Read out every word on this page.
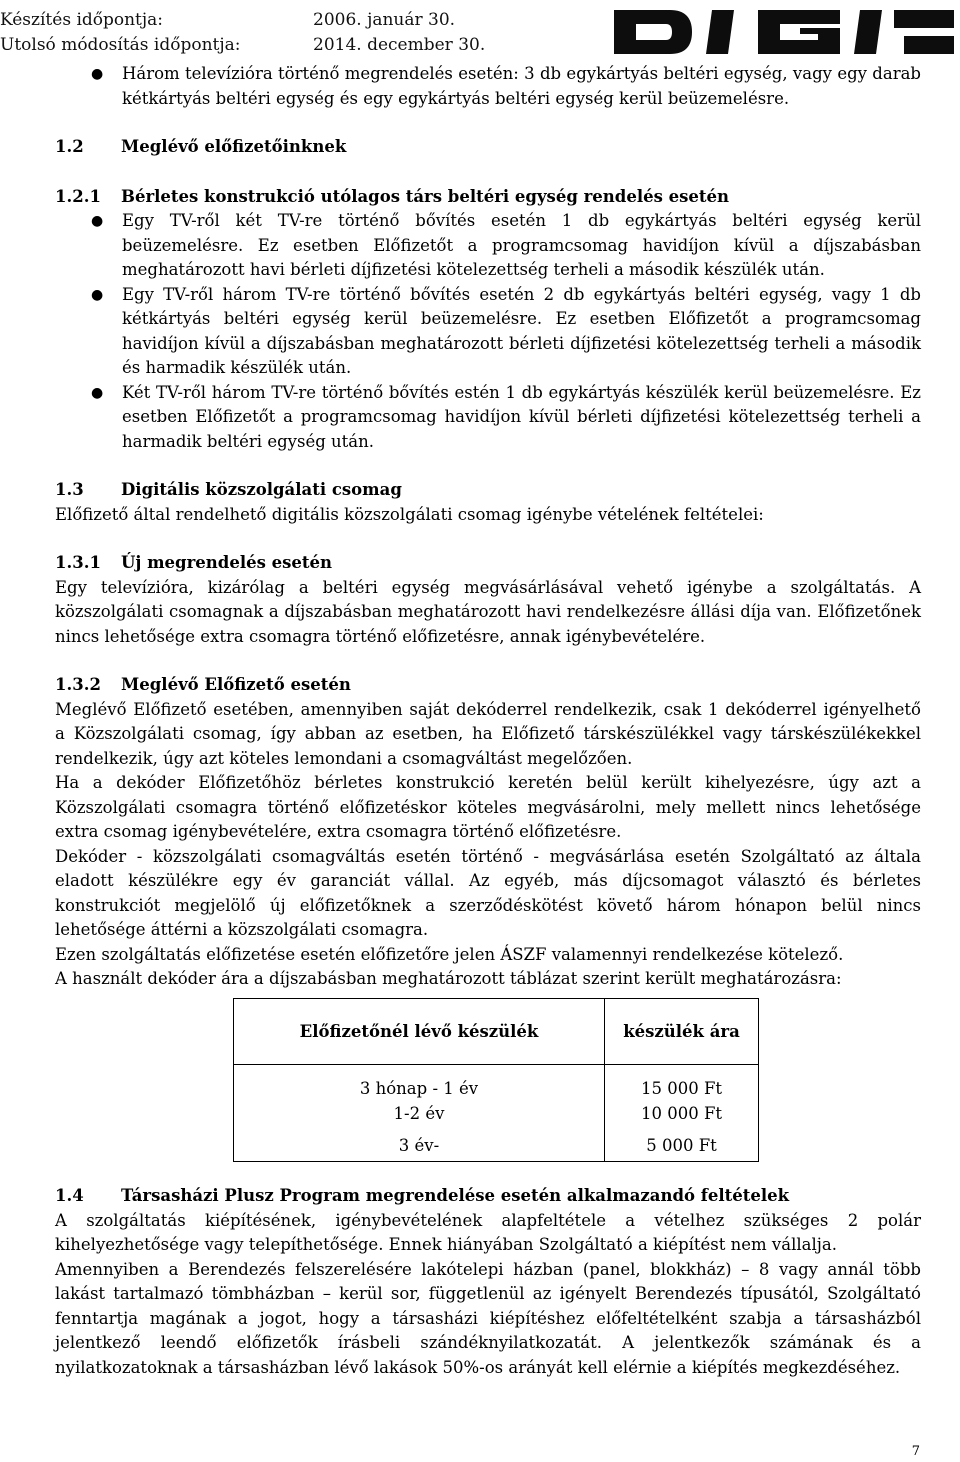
Készítés időpontja:	2006. január 30.
Utolsó módosítás időpontja:	2014. december 30.
● Három televízióra történő megrendelés esetén: 3 db egykártyás beltéri egység, vagy egy darab kétkártyás beltéri egység és egy egykártyás beltéri egység kerül beüzemelésre.
1.2	Meglévő előfizetőinknek
1.2.1	Bérletes konstrukció utólagos társ beltéri egység rendelés esetén
● Egy TV-ről két TV-re történő bővítés esetén 1 db egykártyás beltéri egység kerül beüzemelésre. Ez esetben Előfizetőt a programcsomag havidíjon kívül a díjszabásban meghatározott havi bérleti díjfizetési kötelezettség terheli a második készülék után.
● Egy TV-ről három TV-re történő bővítés esetén 2 db egykártyás beltéri egység, vagy 1 db kétkártyás beltéri egység kerül beüzemelésre. Ez esetben Előfizetőt a programcsomag havidíjon kívül a díjszabásban meghatározott bérleti díjfizetési kötelezettség terheli a második és harmadik készülék után.
● Két TV-ről három TV-re történő bővítés estén 1 db egykártyás készülék kerül beüzemelésre. Ez esetben Előfizetőt a programcsomag havidíjon kívül bérleti díjfizetési kötelezettség terheli a harmadik beltéri egység után.
1.3	Digitális közszolgálati csomag
Előfizető által rendelhető digitális közszolgálati csomag igénybe vételének feltételei:
1.3.1	Új megrendelés esetén
Egy televízióra, kizárólag a beltéri egység megvásárlásával vehető igénybe a szolgáltatás. A közszolgálati csomagnak a díjszabásban meghatározott havi rendelkezésre állási díja van. Előfizetőnek nincs lehetősége extra csomagra történő előfizetésre, annak igénybevételére.
1.3.2	Meglévő Előfizető esetén
Meglévő Előfizető esetében, amennyiben saját dekóderrel rendelkezik, csak 1 dekóderrel igényelhető a Közszolgálati csomag, így abban az esetben, ha Előfizető társkészülékkel vagy társkészülékekkel rendelkezik, úgy azt köteles lemondani a csomagváltást megelőzően.
Ha a dekóder Előfizetőhöz bérletes konstrukció keretén belül került kihelyezésre, úgy azt a Közszolgálati csomagra történő előfizetéskor köteles megvásárolni, mely mellett nincs lehetősége extra csomag igénybevételére, extra csomagra történő előfizetésre.
Dekóder - közszolgálati csomagváltás esetén történő - megvásárlása esetén Szolgáltató az általa eladott készülékre egy év garanciát vállal. Az egyéb, más díjcsomagot választó és bérletes konstrukciót megjelölő új előfizetőknek a szerződéskötést követő három hónapon belül nincs lehetősége áttérni a közszolgálati csomagra.
Ezen szolgáltatás előfizetése esetén előfizetőre jelen ÁSZF valamennyi rendelkezése kötelező.
A használt dekóder ára a díjszabásban meghatározott táblázat szerint került meghatározásra:
Előfizetőnél lévő készülék	készülék ára
3 hónap - 1 év	15 000 Ft
1-2 év	10 000 Ft
3 év-	5 000 Ft
1.4	Társasházi Plusz Program megrendelése esetén alkalmazandó feltételek
A szolgáltatás kiépítésének, igénybevételének alapfeltétele a vételhez szükséges 2 polár kihelyezhetősége vagy telepíthetősége. Ennek hiányában Szolgáltató a kiépítést nem vállalja.
Amennyiben a Berendezés felszerelésére lakótelepi házban (panel, blokkház) – 8 vagy annál több lakást tartalmazó tömbházban – kerül sor, függetlenül az igényelt Berendezés típusától, Szolgáltató fenntartja magának a jogot, hogy a társasházi kiépítéshez előfeltételként szabja a társasházból jelentkező leendő előfizetők írásbeli szándéknyilatkozatát. A jelentkezők számának és a nyilatkozatoknak a társasházban lévő lakások 50%-os arányát kell elérnie a kiépítés megkezdéséhez.
7
